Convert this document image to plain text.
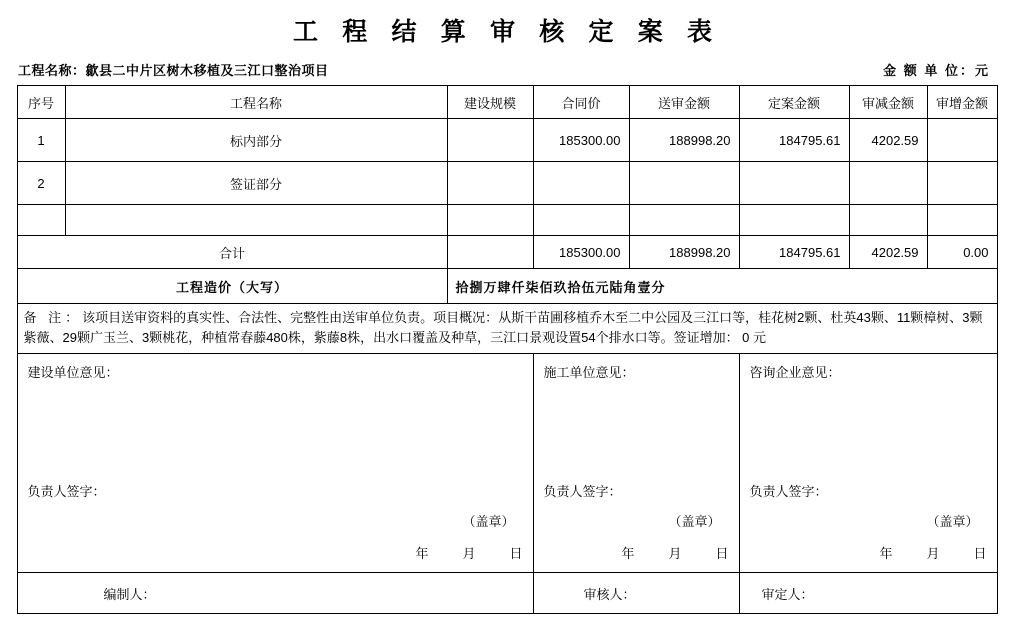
工 程 结 算 审 核 定 案 表
工程名称：歙县二中片区树木移植及三江口整治项目	金 额 单 位：元
序号	工程名称	建设规模	合同价	送审金额	定案金额	审减金额	审增金额
1	标内部分		185300.00	188998.20	184795.61	4202.59	
2	签证部分						

合计			185300.00	188998.20	184795.61	4202.59	0.00
工程造价（大写）		拾捌万肆仟柒佰玖拾伍元陆角壹分					
备 注：该项目送审资料的真实性、合法性、完整性由送审单位负责。项目概况：从斯干苗圃移植乔木至二中公园及三江口等，桂花树2颗、杜英43颗、11颗樟树、3颗紫薇、29颗广玉兰、3颗桃花，种植常春藤480株，紫藤8株，出水口覆盖及种草，三江口景观设置54个排水口等。签证增加： 0 元							

建设单位意见：
负责人签字：
（盖章）
年	月	日

施工单位意见：
负责人签字：
（盖章）
年	月	日

咨询企业意见：
负责人签字：
（盖章）
年	月	日

编制人：			审核人：		审定人：		
